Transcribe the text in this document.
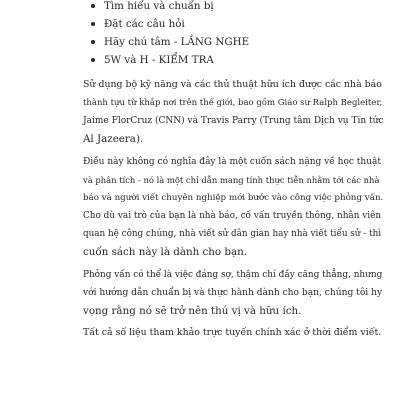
Tìm hiểu và chuẩn bị
Đặt các câu hỏi
Hãy chú tâm - LẮNG NGHE
5W và H - KIỂM TRA

Sử dụng bộ kỹ năng và các thủ thuật hữu ích được các nhà báo
thành tựu từ khắp nơi trên thế giới, bao gồm Giáo sư Ralph Begleiter,
Jaime FlorCruz (CNN) và Travis Parry (Trung tâm Dịch vụ Tin tức
Al Jazeera).

Điều này không có nghĩa đây là một cuốn sách nặng về học thuật
và phân tích - nó là một chỉ dẫn mang tính thực tiễn nhằm tới các nhà
báo và người viết chuyên nghiệp mới bước vào công việc phỏng vấn.
Cho dù vai trò của bạn là nhà báo, cố vấn truyền thông, nhân viên
quan hệ công chúng, nhà viết sử dân gian hay nhà viết tiểu sử - thì
cuốn sách này là dành cho bạn.

Phỏng vấn có thể là việc đáng sợ, thậm chí đầy căng thẳng, nhưng
với hướng dẫn chuẩn bị và thực hành dành cho bạn, chúng tôi hy
vọng rằng nó sẽ trở nên thú vị và hữu ích.

Tất cả số liệu tham khảo trực tuyến chính xác ở thời điểm viết.
